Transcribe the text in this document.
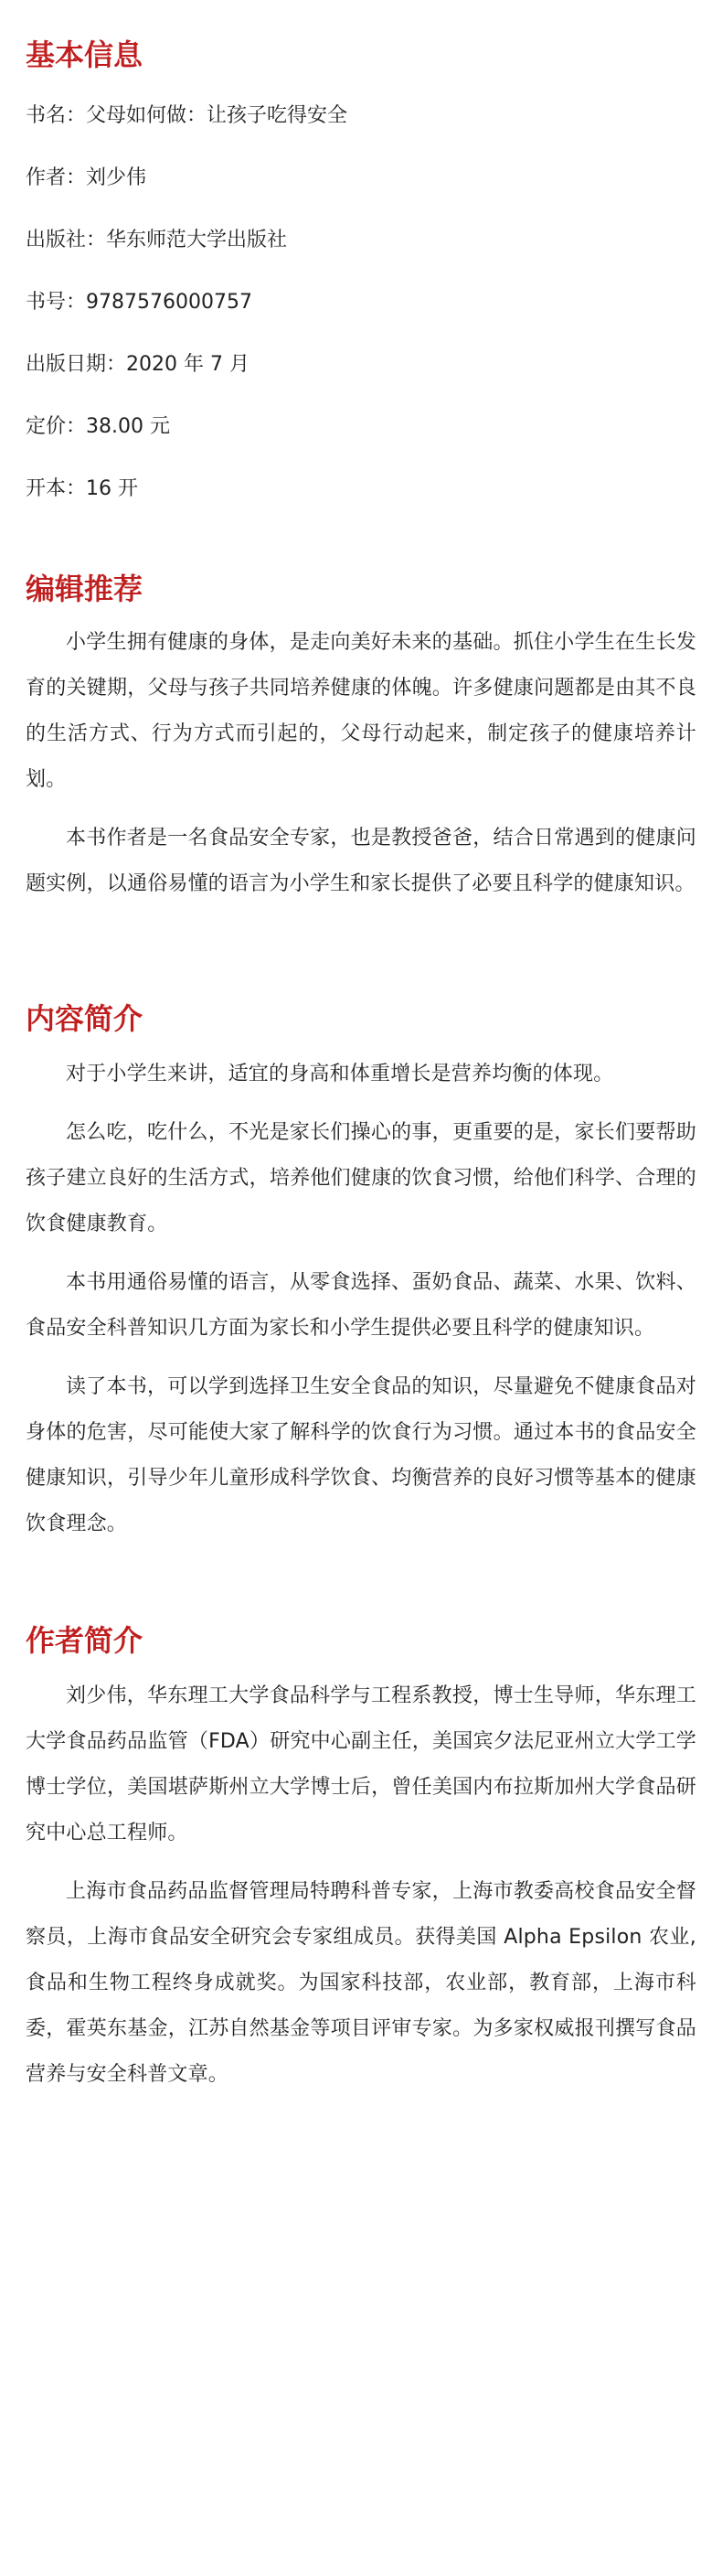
基本信息

书名：父母如何做：让孩子吃得安全

作者：刘少伟

出版社：华东师范大学出版社

书号：9787576000757

出版日期：2020 年 7 月

定价：38.00 元

开本：16 开

编辑推荐

小学生拥有健康的身体，是走向美好未来的基础。抓住小学生在生长发育的关键期，父母与孩子共同培养健康的体魄。许多健康问题都是由其不良的生活方式、行为方式而引起的，父母行动起来，制定孩子的健康培养计划。

本书作者是一名食品安全专家，也是教授爸爸，结合日常遇到的健康问题实例，以通俗易懂的语言为小学生和家长提供了必要且科学的健康知识。

内容简介

对于小学生来讲，适宜的身高和体重增长是营养均衡的体现。

怎么吃，吃什么，不光是家长们操心的事，更重要的是，家长们要帮助孩子建立良好的生活方式，培养他们健康的饮食习惯，给他们科学、合理的饮食健康教育。

本书用通俗易懂的语言，从零食选择、蛋奶食品、蔬菜、水果、饮料、食品安全科普知识几方面为家长和小学生提供必要且科学的健康知识。

读了本书，可以学到选择卫生安全食品的知识，尽量避免不健康食品对身体的危害，尽可能使大家了解科学的饮食行为习惯。通过本书的食品安全健康知识，引导少年儿童形成科学饮食、均衡营养的良好习惯等基本的健康饮食理念。

作者简介

刘少伟，华东理工大学食品科学与工程系教授，博士生导师，华东理工大学食品药品监管（FDA）研究中心副主任，美国宾夕法尼亚州立大学工学博士学位，美国堪萨斯州立大学博士后，曾任美国内布拉斯加州大学食品研究中心总工程师。

上海市食品药品监督管理局特聘科普专家，上海市教委高校食品安全督察员，上海市食品安全研究会专家组成员。获得美国 Alpha Epsilon 农业,食品和生物工程终身成就奖。为国家科技部，农业部，教育部，上海市科委，霍英东基金，江苏自然基金等项目评审专家。为多家权威报刊撰写食品营养与安全科普文章。
